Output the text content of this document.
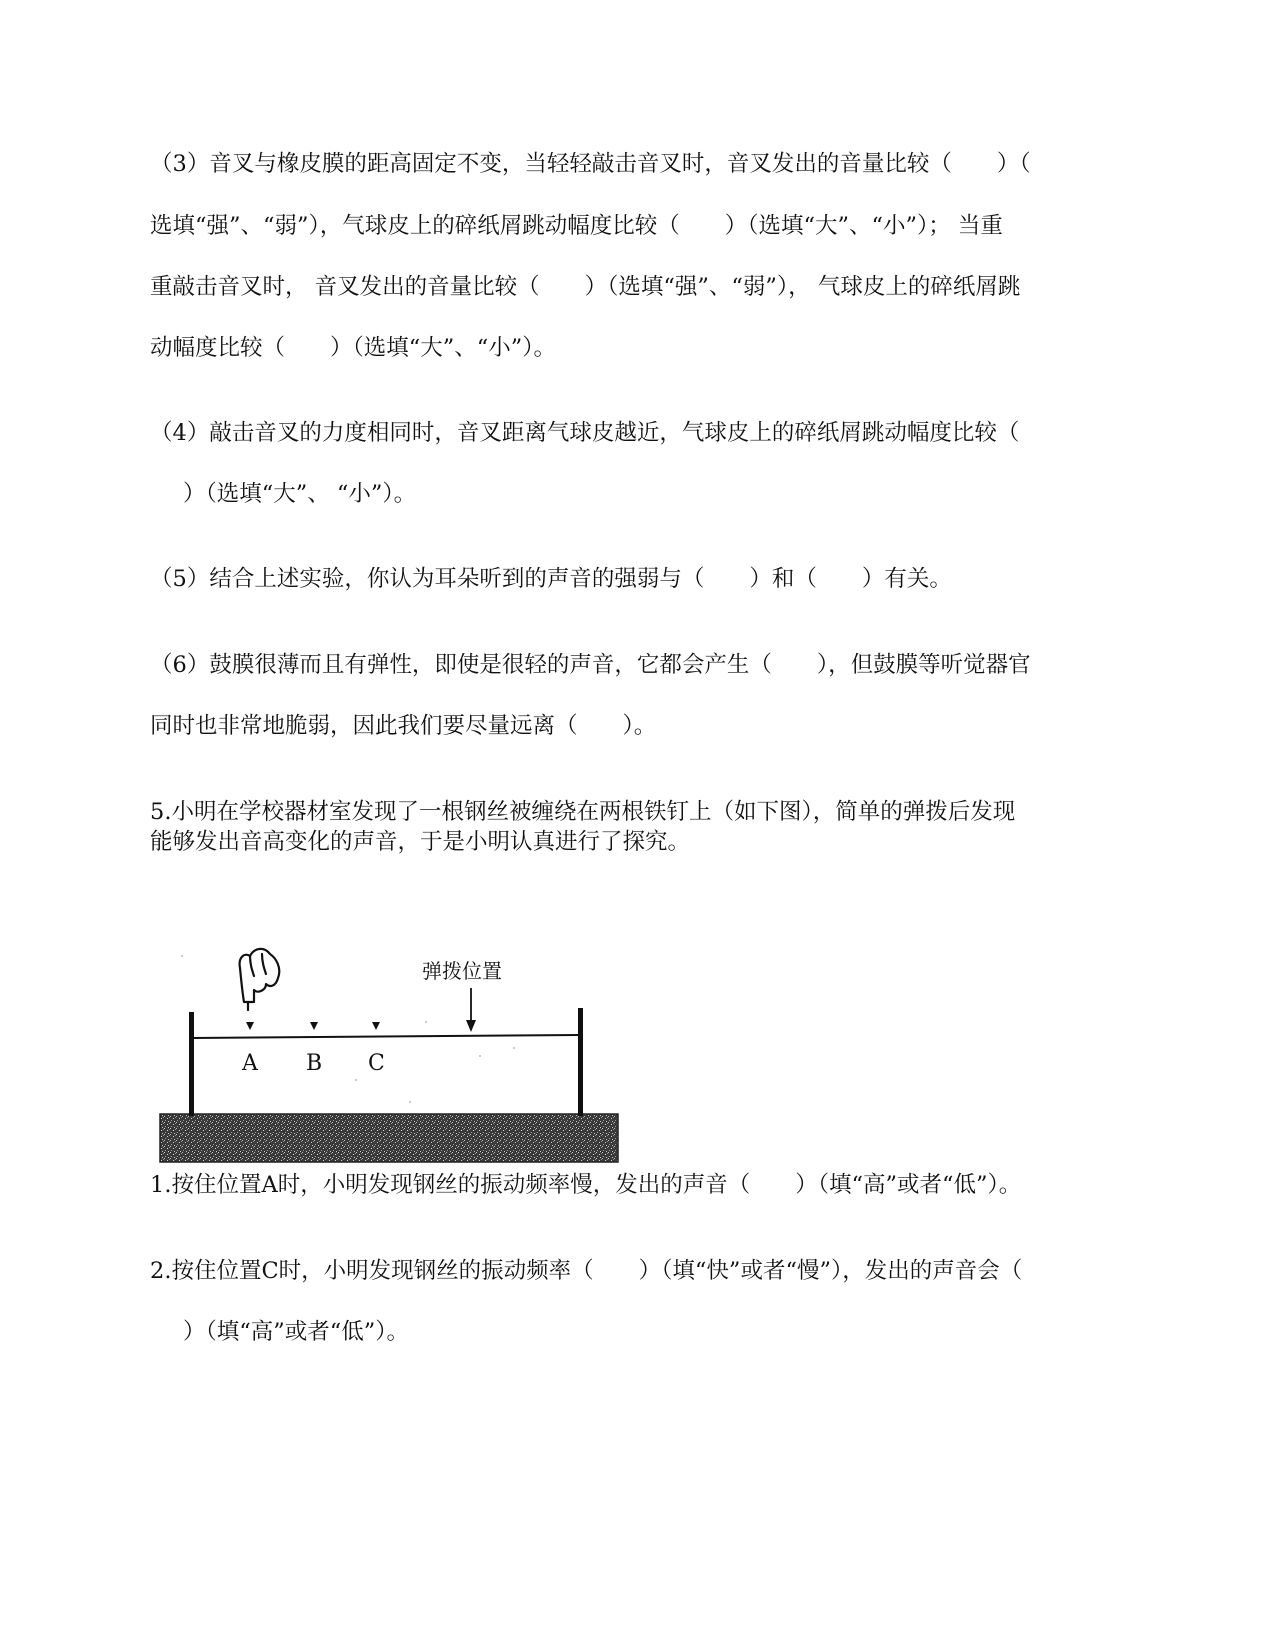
（3）音叉与橡皮膜的距高固定不变，当轻轻敲击音叉时，音叉发出的音量比较（　　）（
选填“强”、“弱”），气球皮上的碎纸屑跳动幅度比较（　　）（选填“大”、“小”）； 当重
重敲击音叉时， 音叉发出的音量比较（　　）（选填“强”、“弱”）， 气球皮上的碎纸屑跳
动幅度比较（　　）（选填“大”、“小”）。
（4）敲击音叉的力度相同时，音叉距离气球皮越近，气球皮上的碎纸屑跳动幅度比较（
）（选填“大”、 “小”）。
（5）结合上述实验，你认为耳朵听到的声音的强弱与（　　）和（　　）有关。
（6）鼓膜很薄而且有弹性，即使是很轻的声音，它都会产生（　　），但鼓膜等听觉器官
同时也非常地脆弱，因此我们要尽量远离（　　）。
5.小明在学校器材室发现了一根钢丝被缠绕在两根铁钉上（如下图），简单的弹拨后发现
能够发出音高变化的声音，于是小明认真进行了探究。
弹拨位置
A B C
1.按住位置A时，小明发现钢丝的振动频率慢，发出的声音（　　）（填“高”或者“低”）。
2.按住位置C时，小明发现钢丝的振动频率（　　）（填“快”或者“慢”），发出的声音会（
）（填“高”或者“低”）。
